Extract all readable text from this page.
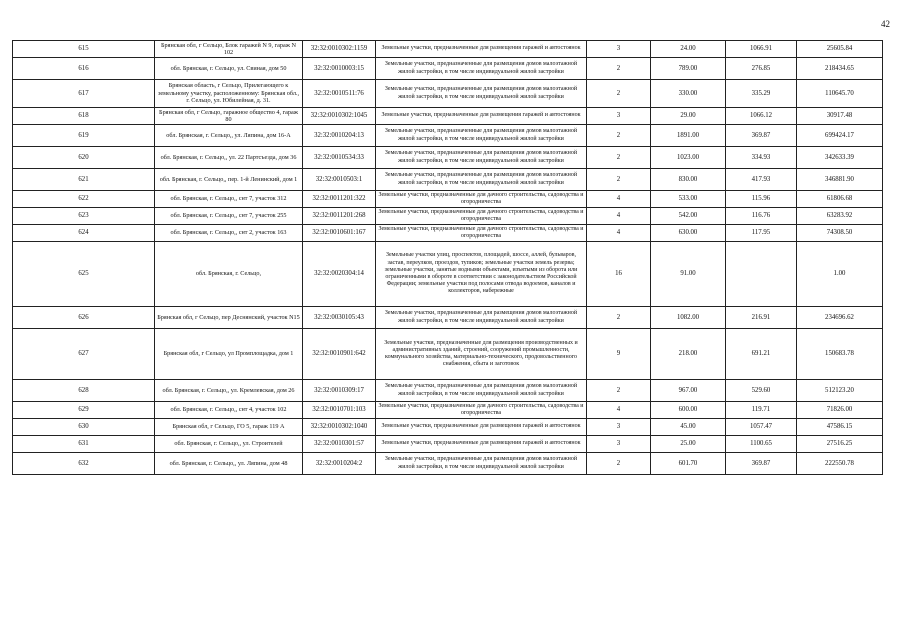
42
615	Брянская обл, г Сельцо, Блок гаражей N 9, гараж N 102	32:32:0010302:1159	Земельные участки, предназначенные для размещения гаражей и автостоянок	3	24.00	1066.91	25605.84
616	обл. Брянская, г. Сельцо, ул. Свиная, дом 50	32:32:0010003:15	Земельные участки, предназначенные для размещения домов малоэтажной жилой застройки, в том числе индивидуальной жилой застройки	2	789.00	276.85	218434.65
617	Брянская область, г Сельцо, Прилегающего к земельному участку, расположенному: Брянская обл., г. Сельцо, ул. Юбилейная, д. 31.	32:32:0010511:76	Земельные участки, предназначенные для размещения домов малоэтажной жилой застройки, в том числе индивидуальной жилой застройки	2	330.00	335.29	110645.70
618	Брянская обл, г Сельцо, гаражное общество 4, гараж 80	32:32:0010302:1045	Земельные участки, предназначенные для размещения гаражей и автостоянок	3	29.00	1066.12	30917.48
619	обл. Брянская, г. Сельцо,, ул. Ляпина, дом 16-А	32:32:0010204:13	Земельные участки, предназначенные для размещения домов малоэтажной жилой застройки, в том числе индивидуальной жилой застройки	2	1891.00	369.87	699424.17
620	обл. Брянская, г. Сельцо,, ул. 22 Партсъезда, дом 36	32:32:0010534:33	Земельные участки, предназначенные для размещения домов малоэтажной жилой застройки, в том числе индивидуальной жилой застройки	2	1023.00	334.93	342633.39
621	обл. Брянская, г. Сельцо,, пер. 1-й Ленинский, дом 1	32:32:0010503:1	Земельные участки, предназначенные для размещения домов малоэтажной жилой застройки, в том числе индивидуальной жилой застройки	2	830.00	417.93	346881.90
622	обл. Брянская, г. Сельцо,, снт 7, участок 312	32:32:0011201:322	Земельные участки, предназначенные для дачного строительства, садоводства и огородничества	4	533.00	115.96	61806.68
623	обл. Брянская, г. Сельцо,, снт 7, участок 255	32:32:0011201:268	Земельные участки, предназначенные для дачного строительства, садоводства и огородничества	4	542.00	116.76	63283.92
624	обл. Брянская, г. Сельцо,, снт 2, участок 163	32:32:0010601:167	Земельные участки, предназначенные для дачного строительства, садоводства и огородничества	4	630.00	117.95	74308.50
625	обл. Брянская, г. Сельцо,	32:32:0020304:14	Земельные участки улиц, проспектов, площадей, шоссе, аллей, бульваров, застав, переулков, проездов, тупиков; земельные участки земель резерва; земельные участки, занятые водными объектами, изъятыми из оборота или ограниченными в обороте в соответствии с законодательством Российской Федерации; земельные участки под полосами отвода водоемов, каналов и коллекторов, набережные	16	91.00		1.00
626	Брянская обл, г Сельцо, пер Деснянский, участок N15	32:32:0030105:43	Земельные участки, предназначенные для размещения домов малоэтажной жилой застройки, в том числе индивидуальной жилой застройки	2	1082.00	216.91	234696.62
627	Брянская обл, г Сельцо, ул Промплощадка, дом 1	32:32:0010901:642	Земельные участки, предназначенные для размещения производственных и административных зданий, строений, сооружений промышленности, коммунального хозяйства, материально-технического, продовольственного снабжения, сбыта и заготовок	9	218.00	691.21	150683.78
628	обл. Брянская, г. Сельцо,, ул. Кремлевская, дом 26	32:32:0010309:17	Земельные участки, предназначенные для размещения домов малоэтажной жилой застройки, в том числе индивидуальной жилой застройки	2	967.00	529.60	512123.20
629	обл. Брянская, г. Сельцо,, снт 4, участок 102	32:32:0010701:103	Земельные участки, предназначенные для дачного строительства, садоводства и огородничества	4	600.00	119.71	71826.00
630	Брянская обл, г Сельцо, ГО 5, гараж 119 А	32:32:0010302:1040	Земельные участки, предназначенные для размещения гаражей и автостоянок	3	45.00	1057.47	47586.15
631	обл. Брянская, г. Сельцо,, ул. Строителей	32:32:0010301:57	Земельные участки, предназначенные для размещения гаражей и автостоянок	3	25.00	1100.65	27516.25
632	обл. Брянская, г. Сельцо,, ул. Ляпина, дом 48	32:32:0010204:2	Земельные участки, предназначенные для размещения домов малоэтажной жилой застройки, в том числе индивидуальной жилой застройки	2	601.70	369.87	222550.78
